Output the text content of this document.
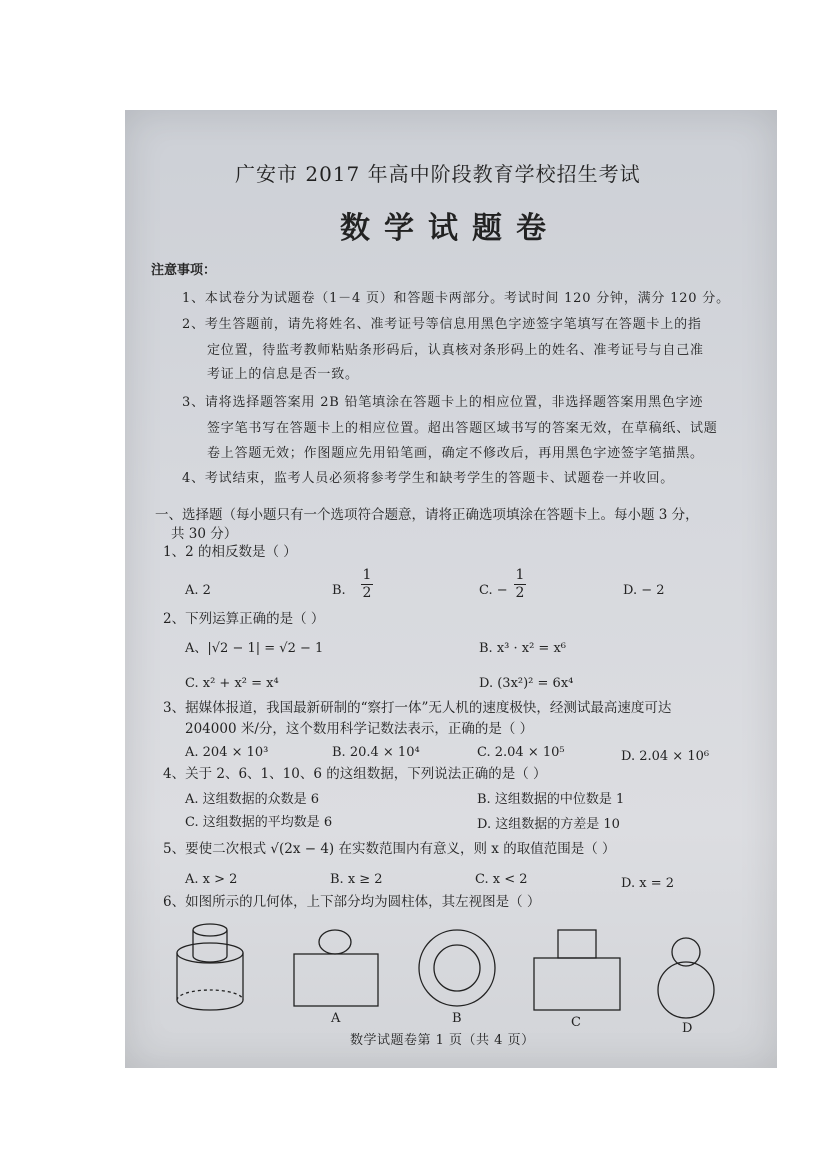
广安市 2017 年高中阶段教育学校招生考试
数学试题卷
注意事项：
1、本试卷分为试题卷（1－4 页）和答题卡两部分。考试时间 120 分钟，满分 120 分。
2、考生答题前，请先将姓名、准考证号等信息用黑色字迹签字笔填写在答题卡上的指
定位置，待监考教师粘贴条形码后，认真核对条形码上的姓名、准考证号与自己准
考证上的信息是否一致。
3、请将选择题答案用 2B 铅笔填涂在答题卡上的相应位置，非选择题答案用黑色字迹
签字笔书写在答题卡上的相应位置。超出答题区域书写的答案无效，在草稿纸、试题
卷上答题无效；作图题应先用铅笔画，确定不修改后，再用黑色字迹签字笔描黑。
4、考试结束，监考人员必须将参考学生和缺考学生的答题卡、试题卷一并收回。
一、选择题（每小题只有一个选项符合题意，请将正确选项填涂在答题卡上。每小题 3 分，
共 30 分）
1、2 的相反数是（ ）
A. 2	B.
1
2	C. −
1
2	D. − 2
2、下列运算正确的是（ ）
A、|√2 − 1| = √2 − 1	B. x³ · x² = x⁶
C. x² + x² = x⁴	D. (3x²)² = 6x⁴
3、据媒体报道，我国最新研制的“察打一体”无人机的速度极快，经测试最高速度可达
204000 米/分，这个数用科学记数法表示，正确的是（ ）
A. 204 × 10³	B. 20.4 × 10⁴	C. 2.04 × 10⁵	D. 2.04 × 10⁶
4、关于 2、6、1、10、6 的这组数据，下列说法正确的是（ ）
A. 这组数据的众数是 6	B. 这组数据的中位数是 1
C. 这组数据的平均数是 6	D. 这组数据的方差是 10
5、要使二次根式 √(2x − 4) 在实数范围内有意义，则 x 的取值范围是（ ）
A. x > 2	B. x ≥ 2	C. x < 2	D. x = 2
6、如图所示的几何体，上下部分均为圆柱体，其左视图是（ ）
A	B	C	D
数学试题卷第 1 页（共 4 页）
